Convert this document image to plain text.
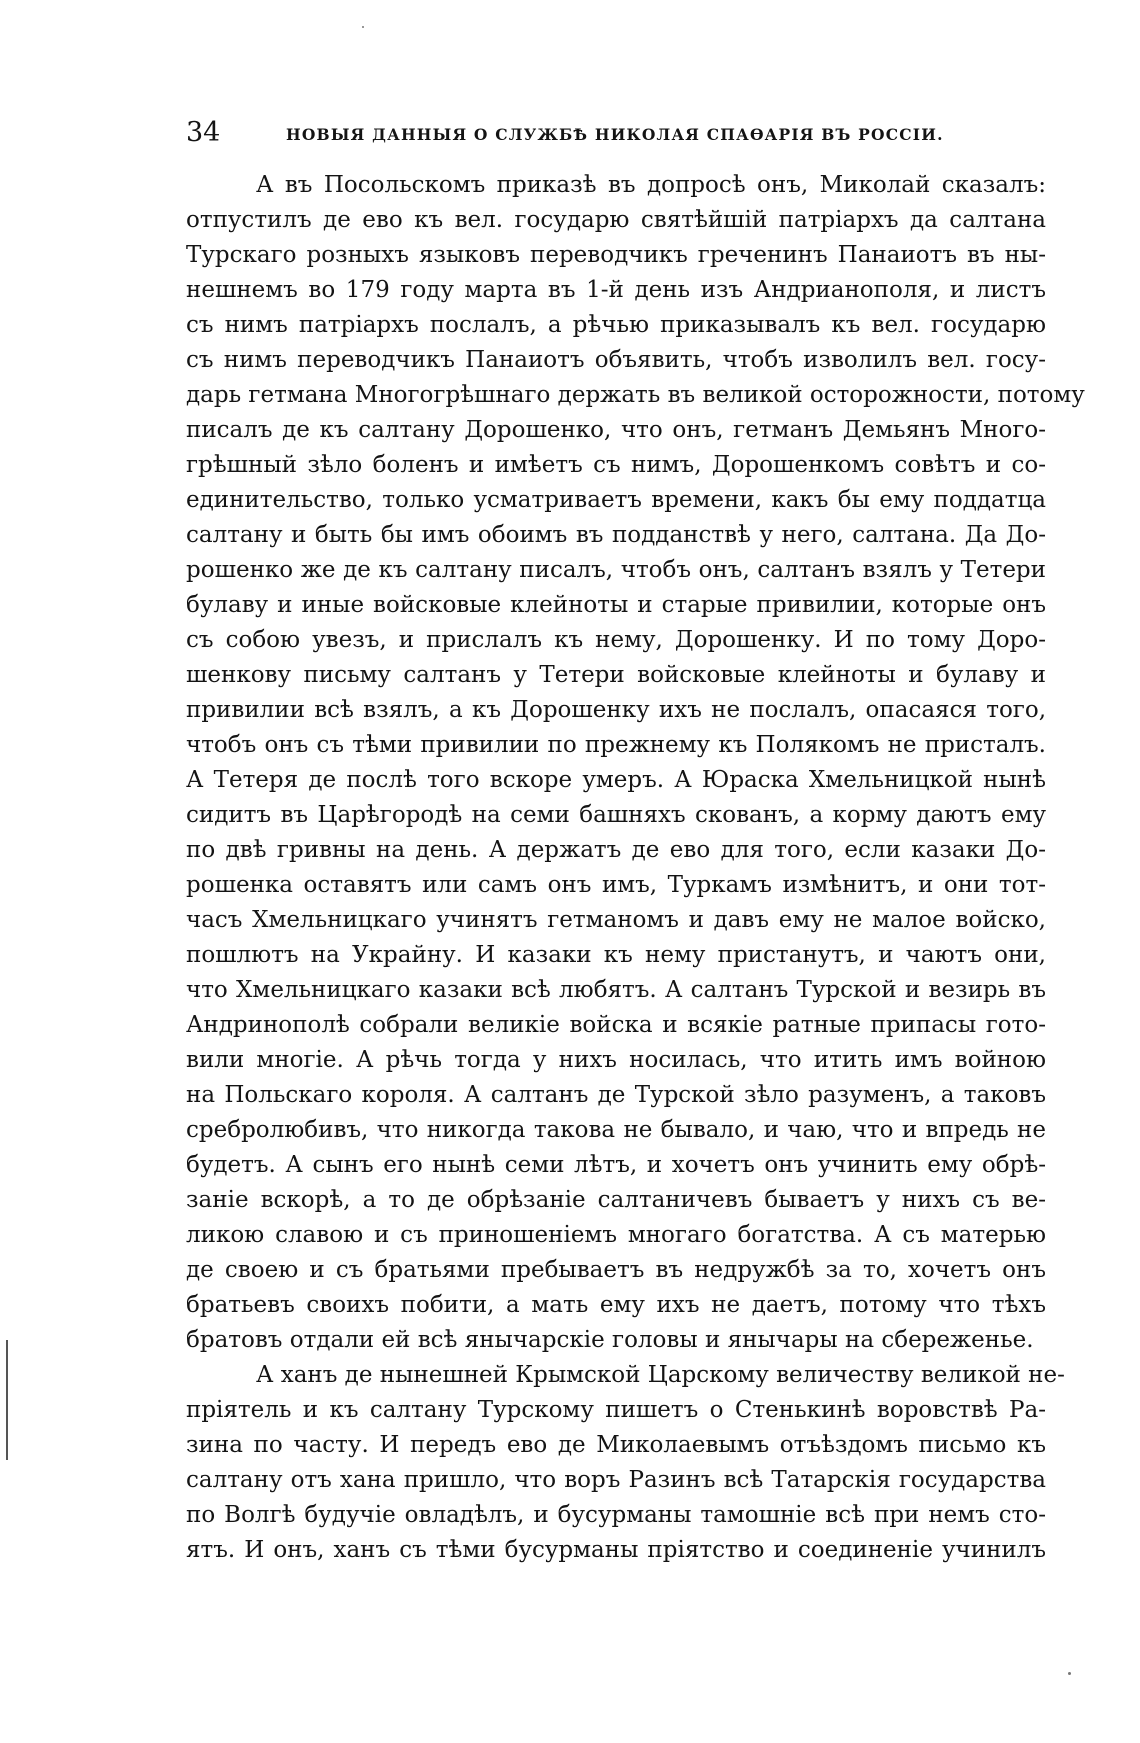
34	НОВЫЯ ДАННЫЯ О СЛУЖБѢ НИКОЛАЯ СПАѲАРІЯ ВЪ РОССІИ.
А въ Посольскомъ приказѣ въ допросѣ онъ, Миколай сказалъ:
отпустилъ де ево къ вел. государю святѣйшій патріархъ да салтана
Турскаго розныхъ языковъ переводчикъ греченинъ Панаиотъ въ ны-
нешнемъ во 179 году марта въ 1-й день изъ Андрианополя, и листъ
съ нимъ патріархъ послалъ, а рѣчью приказывалъ къ вел. государю
съ нимъ переводчикъ Панаиотъ объявить, чтобъ изволилъ вел. госу-
дарь гетмана Многогрѣшнаго держать въ великой осторожности, потому
писалъ де къ салтану Дорошенко, что онъ, гетманъ Демьянъ Много-
грѣшный зѣло боленъ и имѣетъ съ нимъ, Дорошенкомъ совѣтъ и со-
единительство, только усматриваетъ времени, какъ бы ему поддатца
салтану и быть бы имъ обоимъ въ подданствѣ у него, салтана. Да До-
рошенко же де къ салтану писалъ, чтобъ онъ, салтанъ взялъ у Тетери
булаву и иные войсковые клейноты и старые привилии, которые онъ
съ собою увезъ, и прислалъ къ нему, Дорошенку. И по тому Доро-
шенкову письму салтанъ у Тетери войсковые клейноты и булаву и
привилии всѣ взялъ, а къ Дорошенку ихъ не послалъ, опасаяся того,
чтобъ онъ съ тѣми привилии по прежнему къ Полякомъ не присталъ.
А Тетеря де послѣ того вскоре умеръ. А Юраска Хмельницкой нынѣ
сидитъ въ Царѣгородѣ на семи башняхъ скованъ, а корму даютъ ему
по двѣ гривны на день. А держатъ де ево для того, если казаки До-
рошенка оставятъ или самъ онъ имъ, Туркамъ измѣнитъ, и они тот-
часъ Хмельницкаго учинятъ гетманомъ и давъ ему не малое войско,
пошлютъ на Украйну. И казаки къ нему пристанутъ, и чаютъ они,
что Хмельницкаго казаки всѣ любятъ. А салтанъ Турской и везирь въ
Андринополѣ собрали великіе войска и всякіе ратные припасы гото-
вили многіе. А рѣчь тогда у нихъ носилась, что итить имъ войною
на Польскаго короля. А салтанъ де Турской зѣло разуменъ, а таковъ
сребролюбивъ, что никогда такова не бывало, и чаю, что и впредь не
будетъ. А сынъ его нынѣ семи лѣтъ, и хочетъ онъ учинить ему обрѣ-
заніе вскорѣ, а то де обрѣзаніе салтаничевъ бываетъ у нихъ съ ве-
ликою славою и съ приношеніемъ многаго богатства. А съ матерью
де своею и съ братьями пребываетъ въ недружбѣ за то, хочетъ онъ
братьевъ своихъ побити, а мать ему ихъ не даетъ, потому что тѣхъ
братовъ отдали ей всѣ янычарскіе головы и янычары на сбереженье.
А ханъ де нынешней Крымской Царскому величеству великой не-
пріятель и къ салтану Турскому пишетъ о Стенькинѣ воровствѣ Ра-
зина по часту. И передъ ево де Миколаевымъ отъѣздомъ письмо къ
салтану отъ хана пришло, что воръ Разинъ всѣ Татарскія государства
по Волгѣ будучіе овладѣлъ, и бусурманы тамошніе всѣ при немъ сто-
ятъ. И онъ, ханъ съ тѣми бусурманы пріятство и соединеніе учинилъ
